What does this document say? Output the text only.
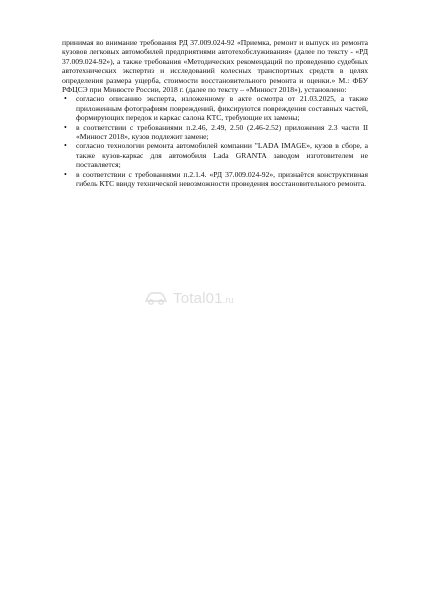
принимая во внимание требования РД 37.009.024-92 «Приемка, ремонт и выпуск из ремонта кузовов легковых автомобилей предприятиями автотехобслуживания» (далее по тексту - «РД 37.009.024-92»), а также требования «Методических рекомендаций по проведению судебных автотехнических экспертиз и исследований колесных транспортных средств в целях определения размера ущерба, стоимости восстановительного ремонта и оценки.» М.: ФБУ РФЦСЭ при Минюсте России, 2018 г. (далее по тексту – «Минюст 2018»), установлено:

• согласно описанию эксперта, изложенному в акте осмотра от 21.03.2025, а также приложенным фотографиям повреждений, фиксируются повреждения составных частей, формирующих передок и каркас салона КТС, требующие их замены;
• в соответствии с требованиями п.2.46, 2.49, 2.50 (2.46-2.52) приложения 2.3 части II «Минюст 2018», кузов подлежит замене;
• согласно технологии ремонта автомобилей компании "LADA IMAGE», кузов в сборе, а также кузов-каркас для автомобиля Lada GRANTA заводом изготовителем не поставляется;
• в соответствии с требованиями п.2.1.4. «РД 37.009.024-92», признаётся конструктивная гибель КТС ввиду технической невозможности проведения восстановительного ремонта.
Total01.ru
